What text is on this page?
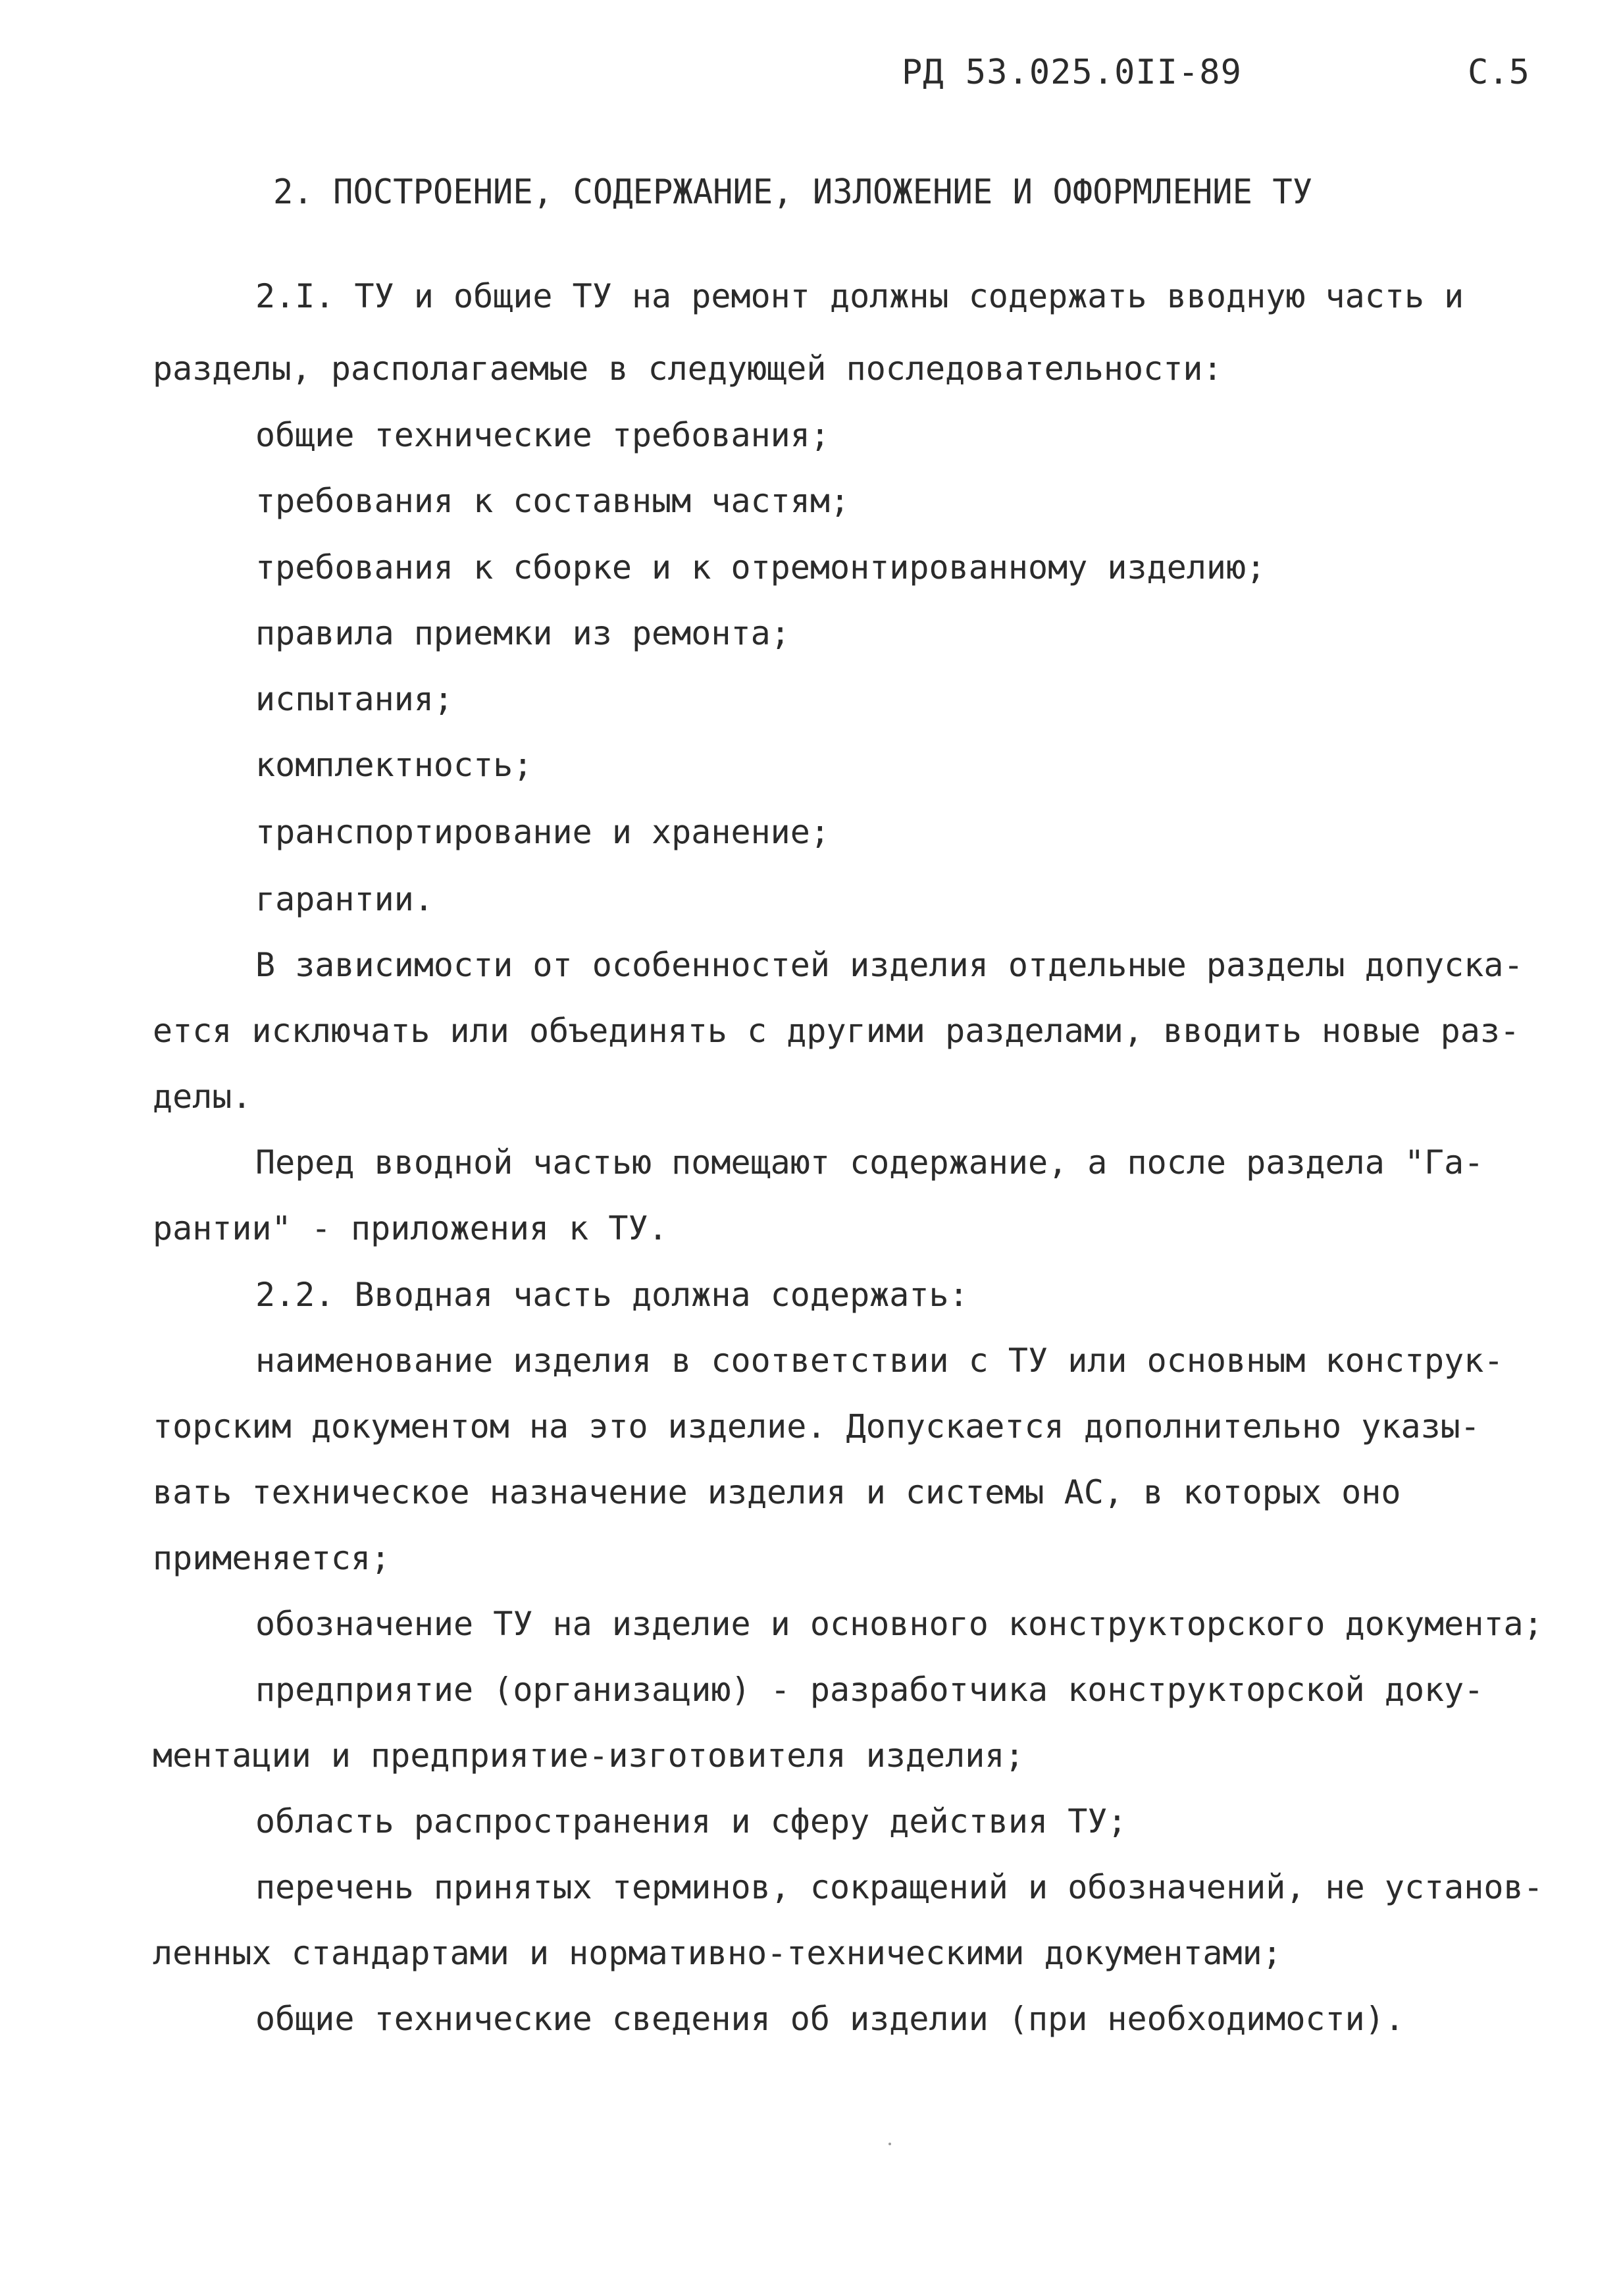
РД 53.025.0II-89	С.5
2. ПОСТРОЕНИЕ, СОДЕРЖАНИЕ, ИЗЛОЖЕНИЕ И ОФОРМЛЕНИЕ ТУ
2.I. ТУ и общие ТУ на ремонт должны содержать вводную часть и
разделы, располагаемые в следующей последовательности:
общие технические требования;
требования к составным частям;
требования к сборке и к отремонтированному изделию;
правила приемки из ремонта;
испытания;
комплектность;
транспортирование и хранение;
гарантии.
В зависимости от особенностей изделия отдельные разделы допуска-
ется исключать или объединять с другими разделами, вводить новые раз-
делы.
Перед вводной частью помещают содержание, а после раздела "Га-
рантии" - приложения к ТУ.
2.2. Вводная часть должна содержать:
наименование изделия в соответствии с ТУ или основным конструк-
торским документом на это изделие. Допускается дополнительно указы-
вать техническое назначение изделия и системы АС, в которых оно
применяется;
обозначение ТУ на изделие и основного конструкторского документа;
предприятие (организацию) - разработчика конструкторской доку-
ментации и предприятие-изготовителя изделия;
область распространения и сферу действия ТУ;
перечень принятых терминов, сокращений и обозначений, не установ-
ленных стандартами и нормативно-техническими документами;
общие технические сведения об изделии (при необходимости).
